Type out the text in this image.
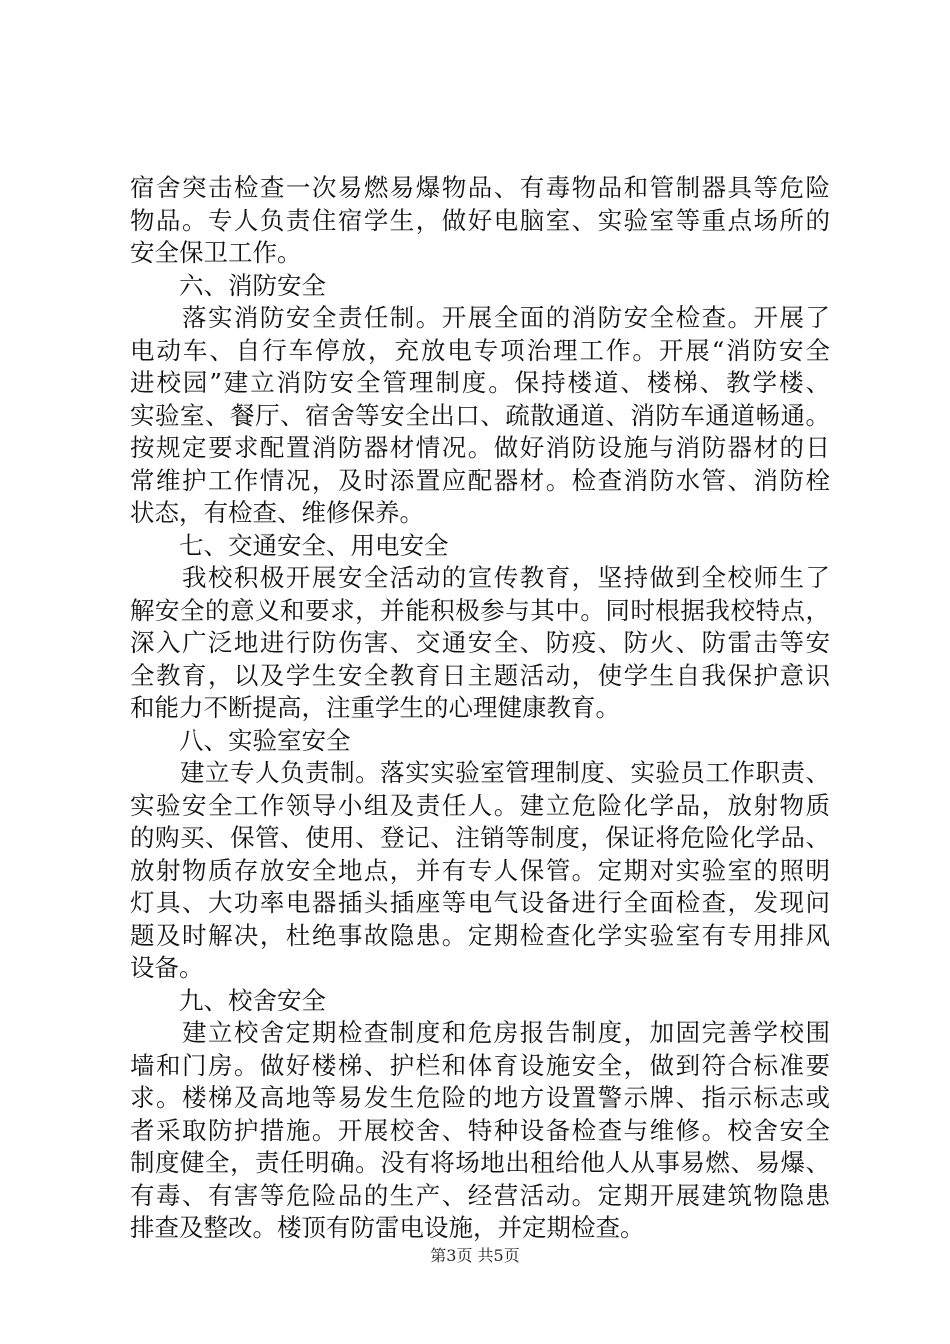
宿舍突击检查一次易燃易爆物品、有毒物品和管制器具等危险
物品。专人负责住宿学生，做好电脑室、实验室等重点场所的
安全保卫工作。
　　六、消防安全
　　落实消防安全责任制。开展全面的消防安全检查。开展了
电动车、自行车停放，充放电专项治理工作。开展“消防安全
进校园”建立消防安全管理制度。保持楼道、楼梯、教学楼、
实验室、餐厅、宿舍等安全出口、疏散通道、消防车通道畅通。
按规定要求配置消防器材情况。做好消防设施与消防器材的日
常维护工作情况，及时添置应配器材。检查消防水管、消防栓
状态，有检查、维修保养。
　　七、交通安全、用电安全
　　我校积极开展安全活动的宣传教育，坚持做到全校师生了
解安全的意义和要求，并能积极参与其中。同时根据我校特点，
深入广泛地进行防伤害、交通安全、防疫、防火、防雷击等安
全教育，以及学生安全教育日主题活动，使学生自我保护意识
和能力不断提高，注重学生的心理健康教育。
　　八、实验室安全
　　建立专人负责制。落实实验室管理制度、实验员工作职责、
实验安全工作领导小组及责任人。建立危险化学品，放射物质
的购买、保管、使用、登记、注销等制度，保证将危险化学品、
放射物质存放安全地点，并有专人保管。定期对实验室的照明
灯具、大功率电器插头插座等电气设备进行全面检查，发现问
题及时解决，杜绝事故隐患。定期检查化学实验室有专用排风
设备。
　　九、校舍安全
　　建立校舍定期检查制度和危房报告制度，加固完善学校围
墙和门房。做好楼梯、护栏和体育设施安全，做到符合标准要
求。楼梯及高地等易发生危险的地方设置警示牌、指示标志或
者采取防护措施。开展校舍、特种设备检查与维修。校舍安全
制度健全，责任明确。没有将场地出租给他人从事易燃、易爆、
有毒、有害等危险品的生产、经营活动。定期开展建筑物隐患
排查及整改。楼顶有防雷电设施，并定期检查。
第3页 共5页
